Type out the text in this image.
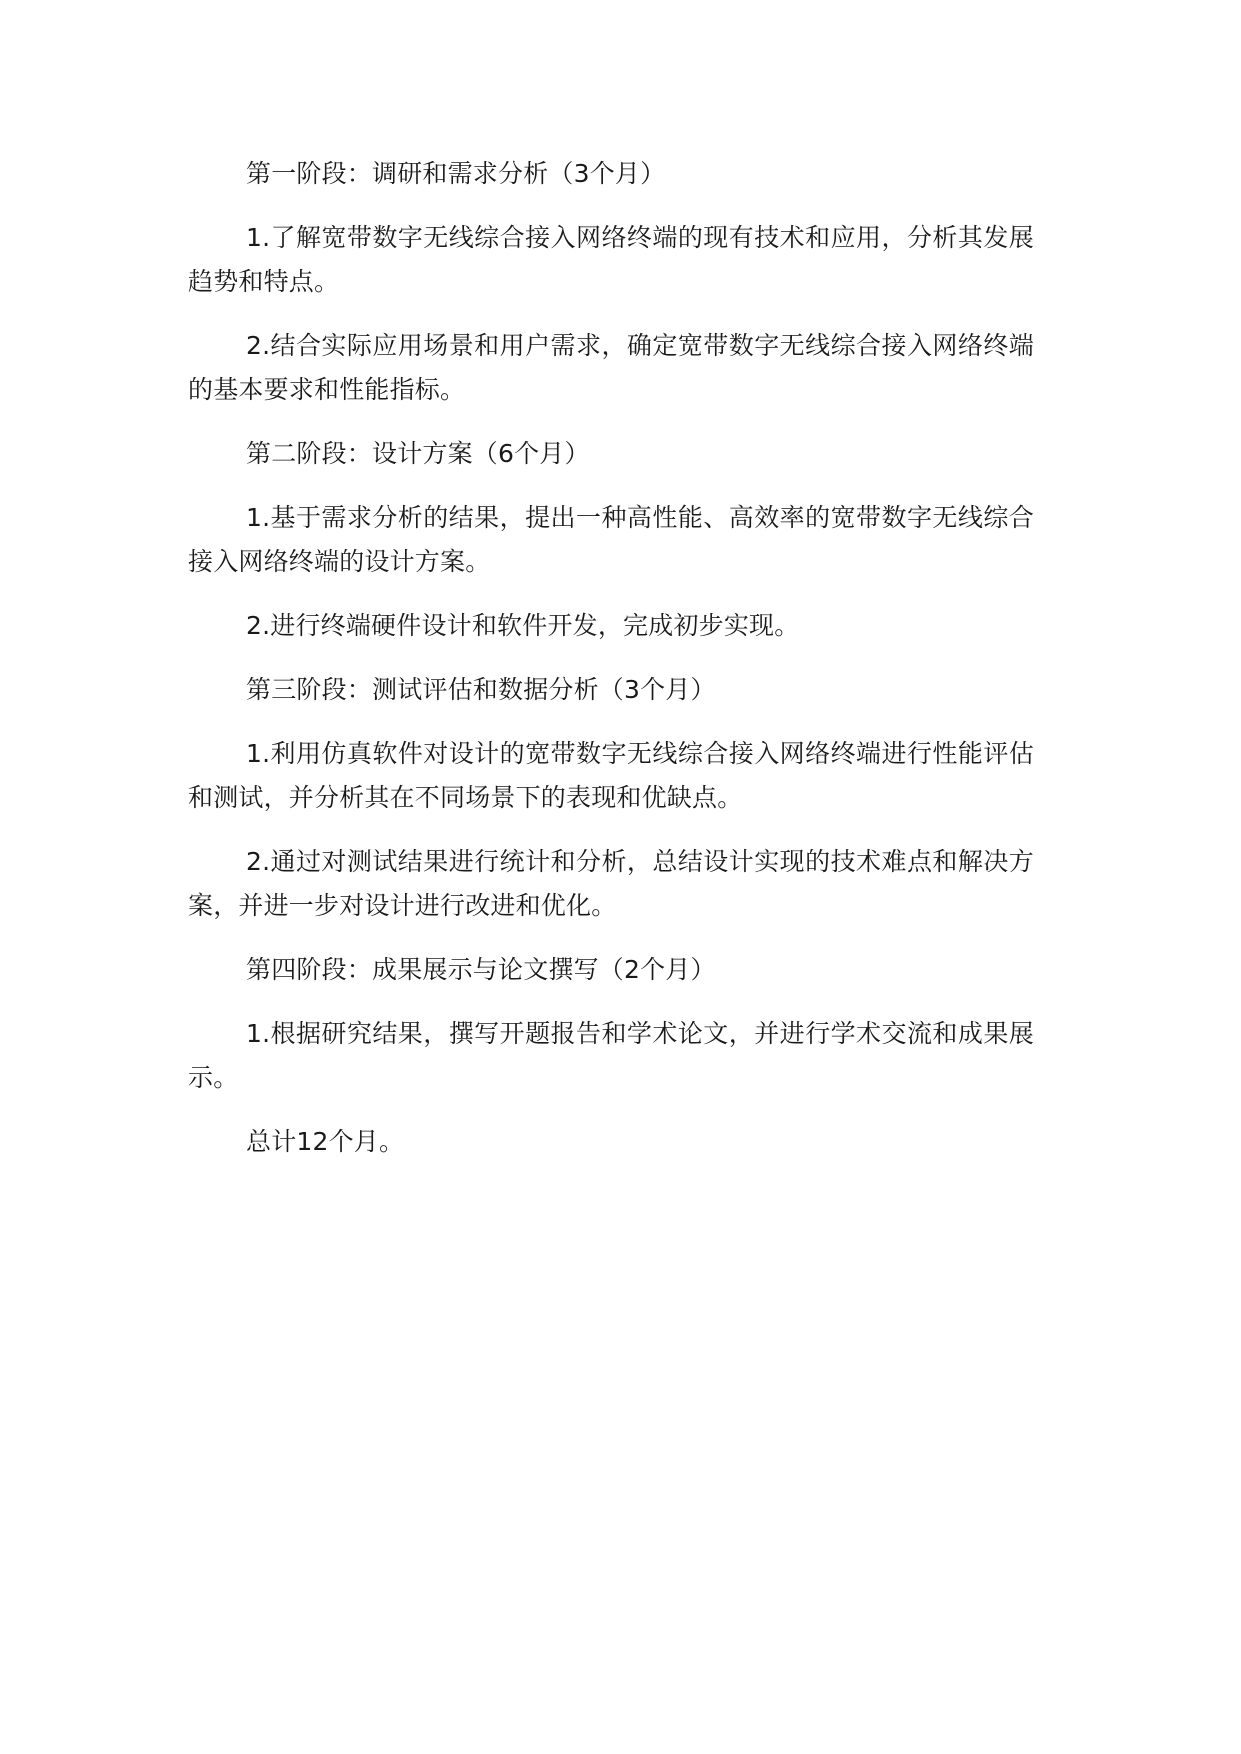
第一阶段：调研和需求分析（3个月）

1.了解宽带数字无线综合接入网络终端的现有技术和应用，分析其发展趋势和特点。

2.结合实际应用场景和用户需求，确定宽带数字无线综合接入网络终端的基本要求和性能指标。

第二阶段：设计方案（6个月）

1.基于需求分析的结果，提出一种高性能、高效率的宽带数字无线综合接入网络终端的设计方案。

2.进行终端硬件设计和软件开发，完成初步实现。

第三阶段：测试评估和数据分析（3个月）

1.利用仿真软件对设计的宽带数字无线综合接入网络终端进行性能评估和测试，并分析其在不同场景下的表现和优缺点。

2.通过对测试结果进行统计和分析，总结设计实现的技术难点和解决方案，并进一步对设计进行改进和优化。

第四阶段：成果展示与论文撰写（2个月）

1.根据研究结果，撰写开题报告和学术论文，并进行学术交流和成果展示。

总计12个月。
